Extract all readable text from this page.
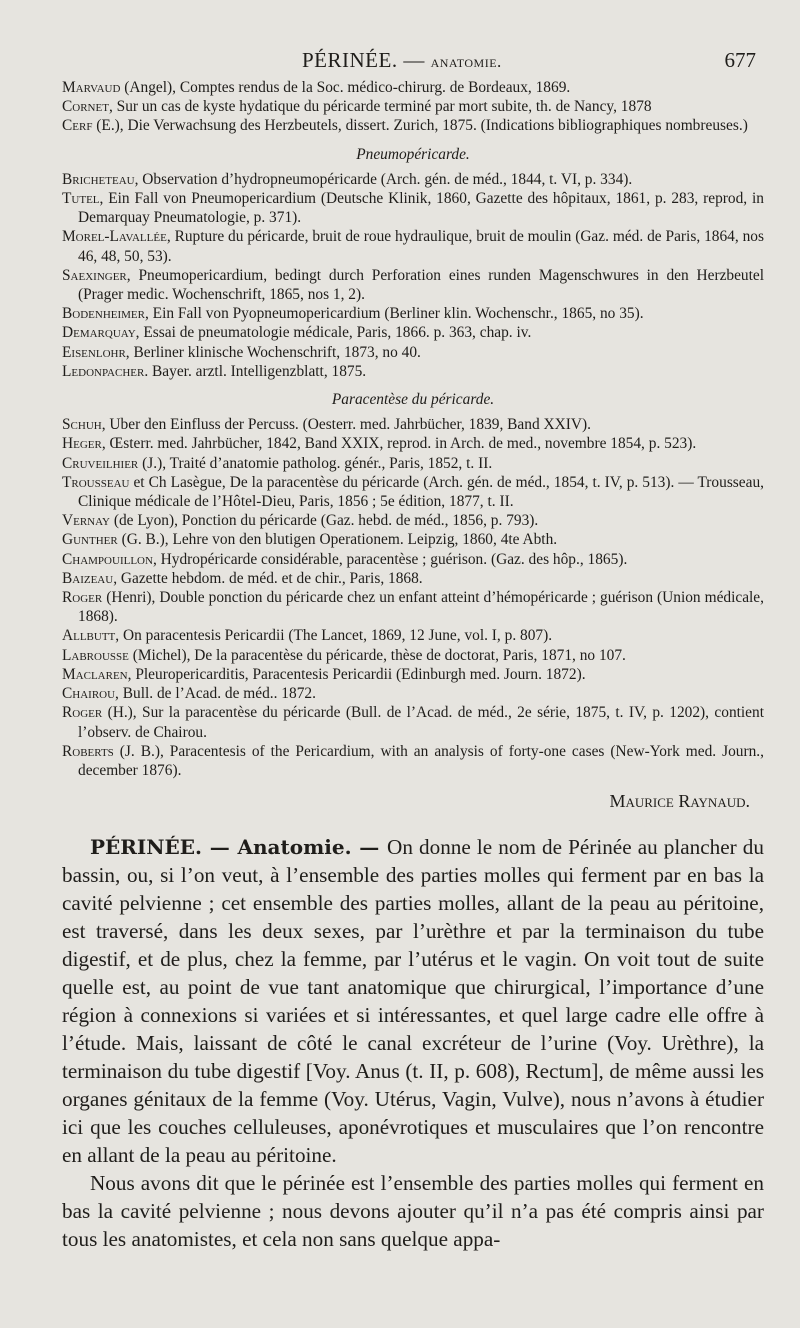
PÉRINÉE. — anatomie.	677
Marvaud (Angel), Comptes rendus de la Soc. médico-chirurg. de Bordeaux, 1869.
Cornet, Sur un cas de kyste hydatique du péricarde terminé par mort subite, th. de Nancy, 1878
Cerf (E.), Die Verwachsung des Herzbeutels, dissert. Zurich, 1875. (Indications bibliographiques nombreuses.)
Pneumopéricarde.
Bricheteau, Observation d’hydropneumopéricarde (Arch. gén. de méd., 1844, t. VI, p. 334).
Tutel, Ein Fall von Pneumopericardium (Deutsche Klinik, 1860, Gazette des hôpitaux, 1861, p. 283, reprod, in Demarquay Pneumatologie, p. 371).
Morel-Lavallée, Rupture du péricarde, bruit de roue hydraulique, bruit de moulin (Gaz. méd. de Paris, 1864, nos 46, 48, 50, 53).
Saexinger, Pneumopericardium, bedingt durch Perforation eines runden Magenschwures in den Herzbeutel (Prager medic. Wochenschrift, 1865, nos 1, 2).
Bodenheimer, Ein Fall von Pyopneumopericardium (Berliner klin. Wochenschr., 1865, no 35).
Demarquay, Essai de pneumatologie médicale, Paris, 1866. p. 363, chap. iv.
Eisenlohr, Berliner klinische Wochenschrift, 1873, no 40.
Ledonpacher. Bayer. arztl. Intelligenzblatt, 1875.
Paracentèse du péricarde.
Schuh, Uber den Einfluss der Percuss. (Oesterr. med. Jahrbücher, 1839, Band XXIV).
Heger, Œsterr. med. Jahrbücher, 1842, Band XXIX, reprod. in Arch. de med., novembre 1854, p. 523).
Cruveilhier (J.), Traité d’anatomie patholog. génér., Paris, 1852, t. II.
Trousseau et Ch Lasègue, De la paracentèse du péricarde (Arch. gén. de méd., 1854, t. IV, p. 513). — Trousseau, Clinique médicale de l’Hôtel-Dieu, Paris, 1856 ; 5e édition, 1877, t. II.
Vernay (de Lyon), Ponction du péricarde (Gaz. hebd. de méd., 1856, p. 793).
Gunther (G. B.), Lehre von den blutigen Operationem. Leipzig, 1860, 4te Abth.
Champouillon, Hydropéricarde considérable, paracentèse ; guérison. (Gaz. des hôp., 1865).
Baizeau, Gazette hebdom. de méd. et de chir., Paris, 1868.
Roger (Henri), Double ponction du péricarde chez un enfant atteint d’hémopéricarde ; guérison (Union médicale, 1868).
Allbutt, On paracentesis Pericardii (The Lancet, 1869, 12 June, vol. I, p. 807).
Labrousse (Michel), De la paracentèse du péricarde, thèse de doctorat, Paris, 1871, no 107.
Maclaren, Pleuropericarditis, Paracentesis Pericardii (Edinburgh med. Journ. 1872).
Chairou, Bull. de l’Acad. de méd.. 1872.
Roger (H.), Sur la paracentèse du péricarde (Bull. de l’Acad. de méd., 2e série, 1875, t. IV, p. 1202), contient l’observ. de Chairou.
Roberts (J. B.), Paracentesis of the Pericardium, with an analysis of forty-one cases (New-York med. Journ., december 1876).
Maurice Raynaud.

PÉRINÉE. — Anatomie. — On donne le nom de Périnée au plancher du bassin, ou, si l’on veut, à l’ensemble des parties molles qui ferment par en bas la cavité pelvienne ; cet ensemble des parties molles, allant de la peau au péritoine, est traversé, dans les deux sexes, par l’urèthre et par la terminaison du tube digestif, et de plus, chez la femme, par l’utérus et le vagin. On voit tout de suite quelle est, au point de vue tant anatomique que chirurgical, l’importance d’une région à connexions si variées et si intéressantes, et quel large cadre elle offre à l’étude. Mais, laissant de côté le canal excréteur de l’urine (Voy. Urèthre), la terminaison du tube digestif [Voy. Anus (t. II, p. 608), Rectum], de même aussi les organes génitaux de la femme (Voy. Utérus, Vagin, Vulve), nous n’avons à étudier ici que les couches celluleuses, aponévrotiques et musculaires que l’on rencontre en allant de la peau au péritoine.

Nous avons dit que le périnée est l’ensemble des parties molles qui ferment en bas la cavité pelvienne ; nous devons ajouter qu’il n’a pas été compris ainsi par tous les anatomistes, et cela non sans quelque appa-
